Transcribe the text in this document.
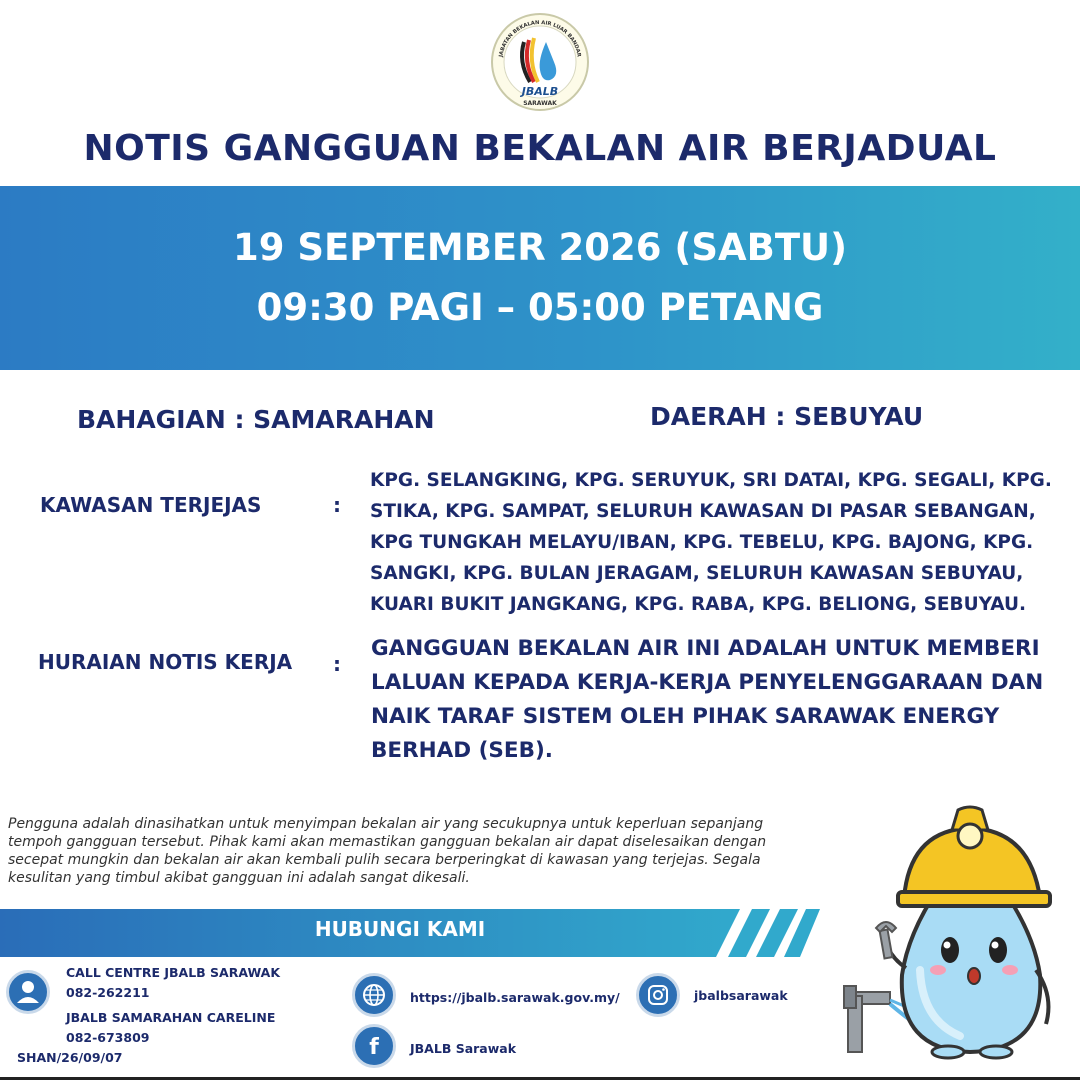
JBALB
SARAWAK
JABATAN BEKALAN AIR LUAR BANDAR
NOTIS GANGGUAN BEKALAN AIR BERJADUAL
19 SEPTEMBER 2026 (SABTU)
09:30 PAGI – 05:00 PETANG
BAHAGIAN : SAMARAHAN	DAERAH : SEBUYAU
KAWASAN TERJEJAS	:
KPG. SELANGKING, KPG. SERUYUK, SRI DATAI, KPG. SEGALI, KPG. STIKA, KPG. SAMPAT, SELURUH KAWASAN DI PASAR SEBANGAN, KPG TUNGKAH MELAYU/IBAN, KPG. TEBELU, KPG. BAJONG, KPG. SANGKI, KPG. BULAN JERAGAM, SELURUH KAWASAN SEBUYAU, KUARI BUKIT JANGKANG, KPG. RABA, KPG. BELIONG, SEBUYAU.
HURAIAN NOTIS KERJA :
GANGGUAN BEKALAN AIR INI ADALAH UNTUK MEMBERI LALUAN KEPADA KERJA-KERJA PENYELENGGARAAN DAN NAIK TARAF SISTEM OLEH PIHAK SARAWAK ENERGY BERHAD (SEB).
Pengguna adalah dinasihatkan untuk menyimpan bekalan air yang secukupnya untuk keperluan sepanjang tempoh gangguan tersebut. Pihak kami akan memastikan gangguan bekalan air dapat diselesaikan dengan secepat mungkin dan bekalan air akan kembali pulih secara berperingkat di kawasan yang terjejas. Segala kesulitan yang timbul akibat gangguan ini adalah sangat dikesali.
HUBUNGI KAMI
CALL CENTRE JBALB SARAWAK
082-262211
JBALB SAMARAHAN CARELINE
082-673809
SHAN/26/09/07
https://jbalb.sarawak.gov.my/
f JBALB Sarawak
jbalbsarawak
